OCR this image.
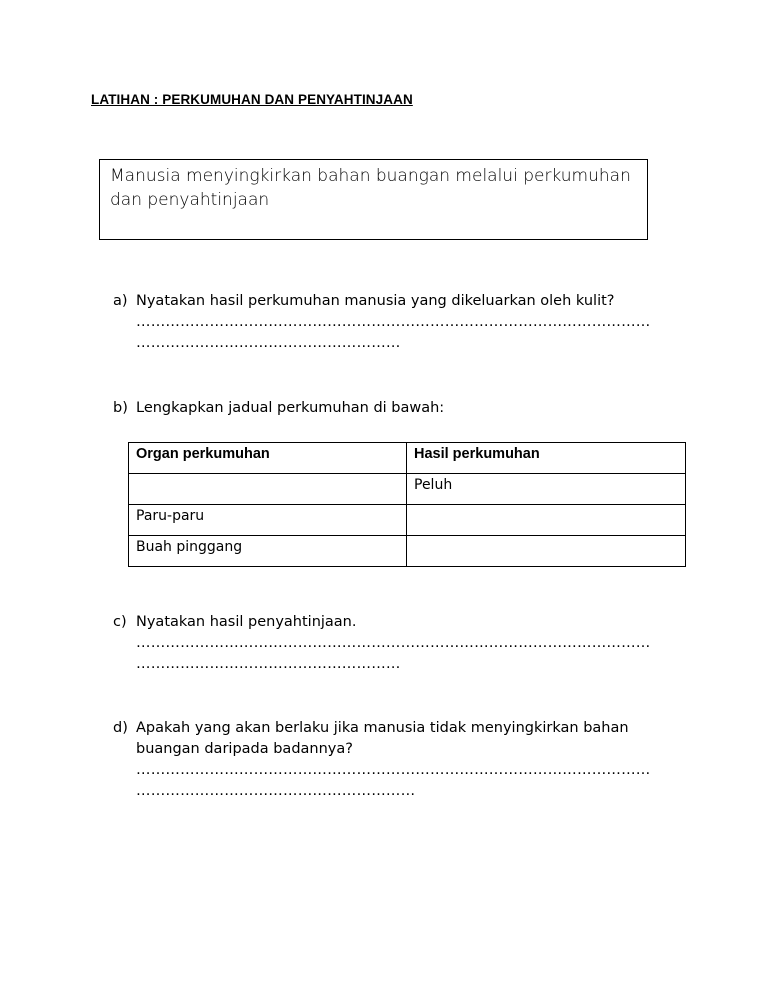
LATIHAN : PERKUMUHAN DAN PENYAHTINJAAN
Manusia menyingkirkan bahan buangan melalui perkumuhan
dan penyahtinjaan
a) Nyatakan hasil perkumuhan manusia yang dikeluarkan oleh kulit?
……………………………………………………………………………………………
………………………………………………
b) Lengkapkan jadual perkumuhan di bawah:
Organ perkumuhan	Hasil perkumuhan
	Peluh
Paru-paru	
Buah pinggang	
c) Nyatakan hasil penyahtinjaan.
……………………………………………………………………………………………
………………………………………………
d) Apakah yang akan berlaku jika manusia tidak menyingkirkan bahan
buangan daripada badannya?
……………………………………………………………………………………………
…………………………………………………
